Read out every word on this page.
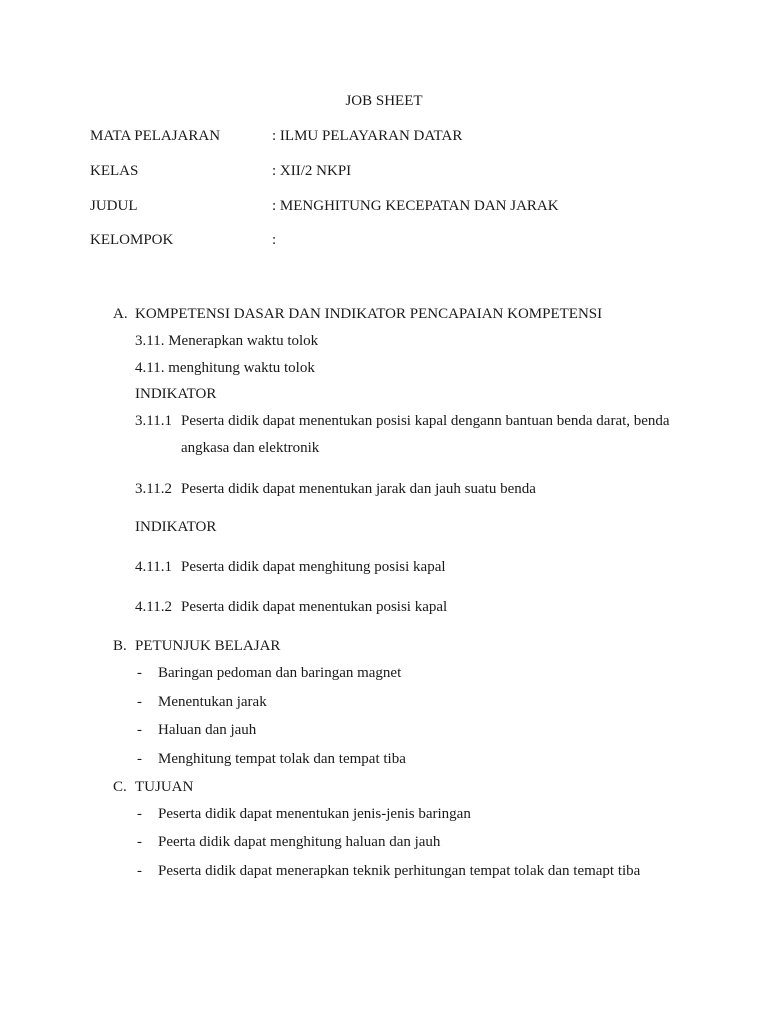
JOB SHEET
MATA PELAJARAN	: ILMU PELAYARAN DATAR
KELAS	: XII/2 NKPI
JUDUL	: MENGHITUNG KECEPATAN DAN JARAK
KELOMPOK	:
A. KOMPETENSI DASAR DAN INDIKATOR PENCAPAIAN KOMPETENSI
3.11. Menerapkan waktu tolok
4.11. menghitung waktu tolok
INDIKATOR
3.11.1 Peserta didik dapat menentukan posisi kapal dengann bantuan benda darat, benda
angkasa dan elektronik
3.11.2 Peserta didik dapat menentukan jarak dan jauh suatu benda
INDIKATOR
4.11.1 Peserta didik dapat menghitung posisi kapal
4.11.2 Peserta didik dapat menentukan posisi kapal
B. PETUNJUK BELAJAR
- Baringan pedoman dan baringan magnet
- Menentukan jarak
- Haluan dan jauh
- Menghitung tempat tolak dan tempat tiba
C. TUJUAN
- Peserta didik dapat menentukan jenis-jenis baringan
- Peerta didik dapat menghitung haluan dan jauh
- Peserta didik dapat menerapkan teknik perhitungan tempat tolak dan temapt tiba
